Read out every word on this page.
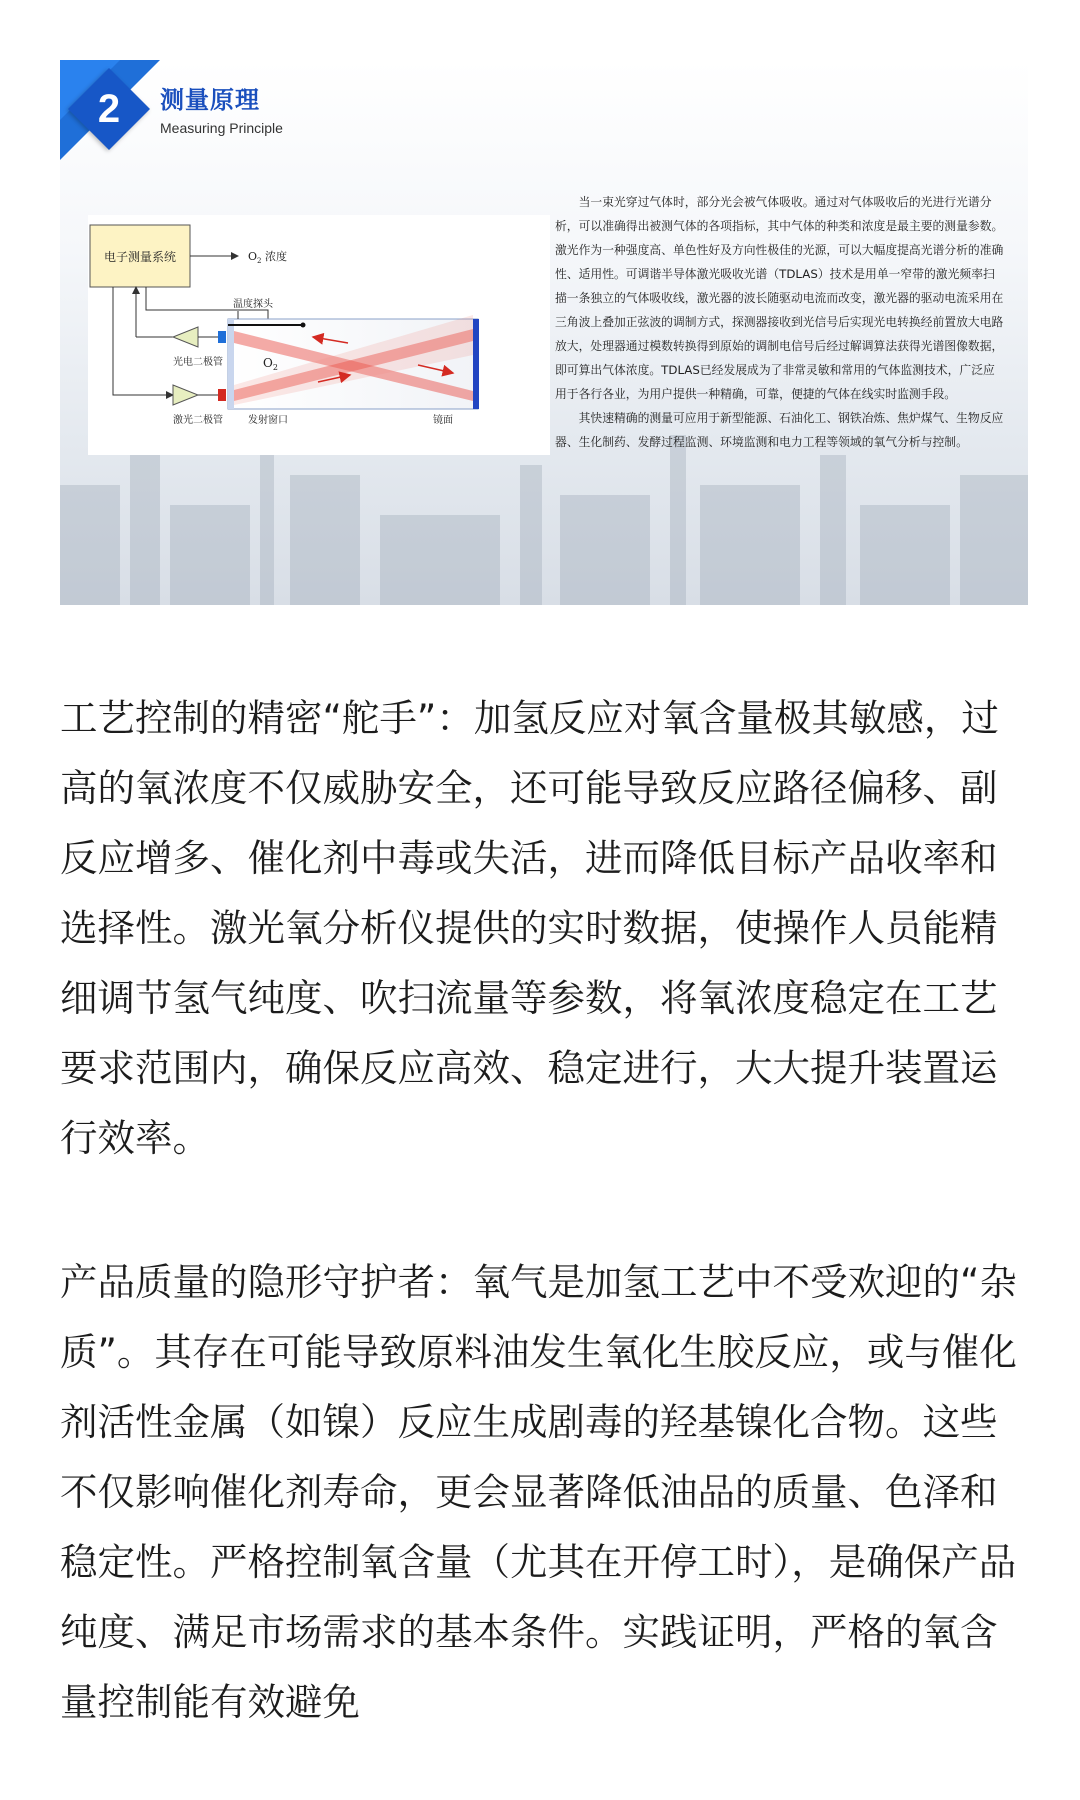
2	测量原理
Measuring Principle
电子测量系统	$O_2$ 浓度
温度探头
$O_2$
光电二极管
激光二极管	发射窗口	镜面

当一束光穿过气体时，部分光会被气体吸收。通过对气体吸收后的光进行光谱分析，可以准确得出被测气体的各项指标，其中气体的种类和浓度是最主要的测量参数。激光作为一种强度高、单色性好及方向性极佳的光源，可以大幅度提高光谱分析的准确性、适用性。可调谐半导体激光吸收光谱（TDLAS）技术是用单一窄带的激光频率扫描一条独立的气体吸收线，激光器的波长随驱动电流而改变，激光器的驱动电流采用在三角波上叠加正弦波的调制方式，探测器接收到光信号后实现光电转换经前置放大电路放大，处理器通过模数转换得到原始的调制电信号后经过解调算法获得光谱图像数据，即可算出气体浓度。TDLAS已经发展成为了非常灵敏和常用的气体监测技术，广泛应用于各行各业，为用户提供一种精确，可靠，便捷的气体在线实时监测手段。

其快速精确的测量可应用于新型能源、石油化工、钢铁冶炼、焦炉煤气、生物反应器、生化制药、发酵过程监测、环境监测和电力工程等领域的氧气分析与控制。

工艺控制的精密“舵手”：加氢反应对氧含量极其敏感，过高的氧浓度不仅威胁安全，还可能导致反应路径偏移、副反应增多、催化剂中毒或失活，进而降低目标产品收率和选择性。激光氧分析仪提供的实时数据，使操作人员能精细调节氢气纯度、吹扫流量等参数，将氧浓度稳定在工艺要求范围内，确保反应高效、稳定进行，大大提升装置运行效率。

产品质量的隐形守护者：氧气是加氢工艺中不受欢迎的“杂质”。其存在可能导致原料油发生氧化生胶反应，或与催化剂活性金属（如镍）反应生成剧毒的羟基镍化合物。这些不仅影响催化剂寿命，更会显著降低油品的质量、色泽和稳定性。严格控制氧含量（尤其在开停工时），是确保产品纯度、满足市场需求的基本条件。实践证明，严格的氧含量控制能有效避免
